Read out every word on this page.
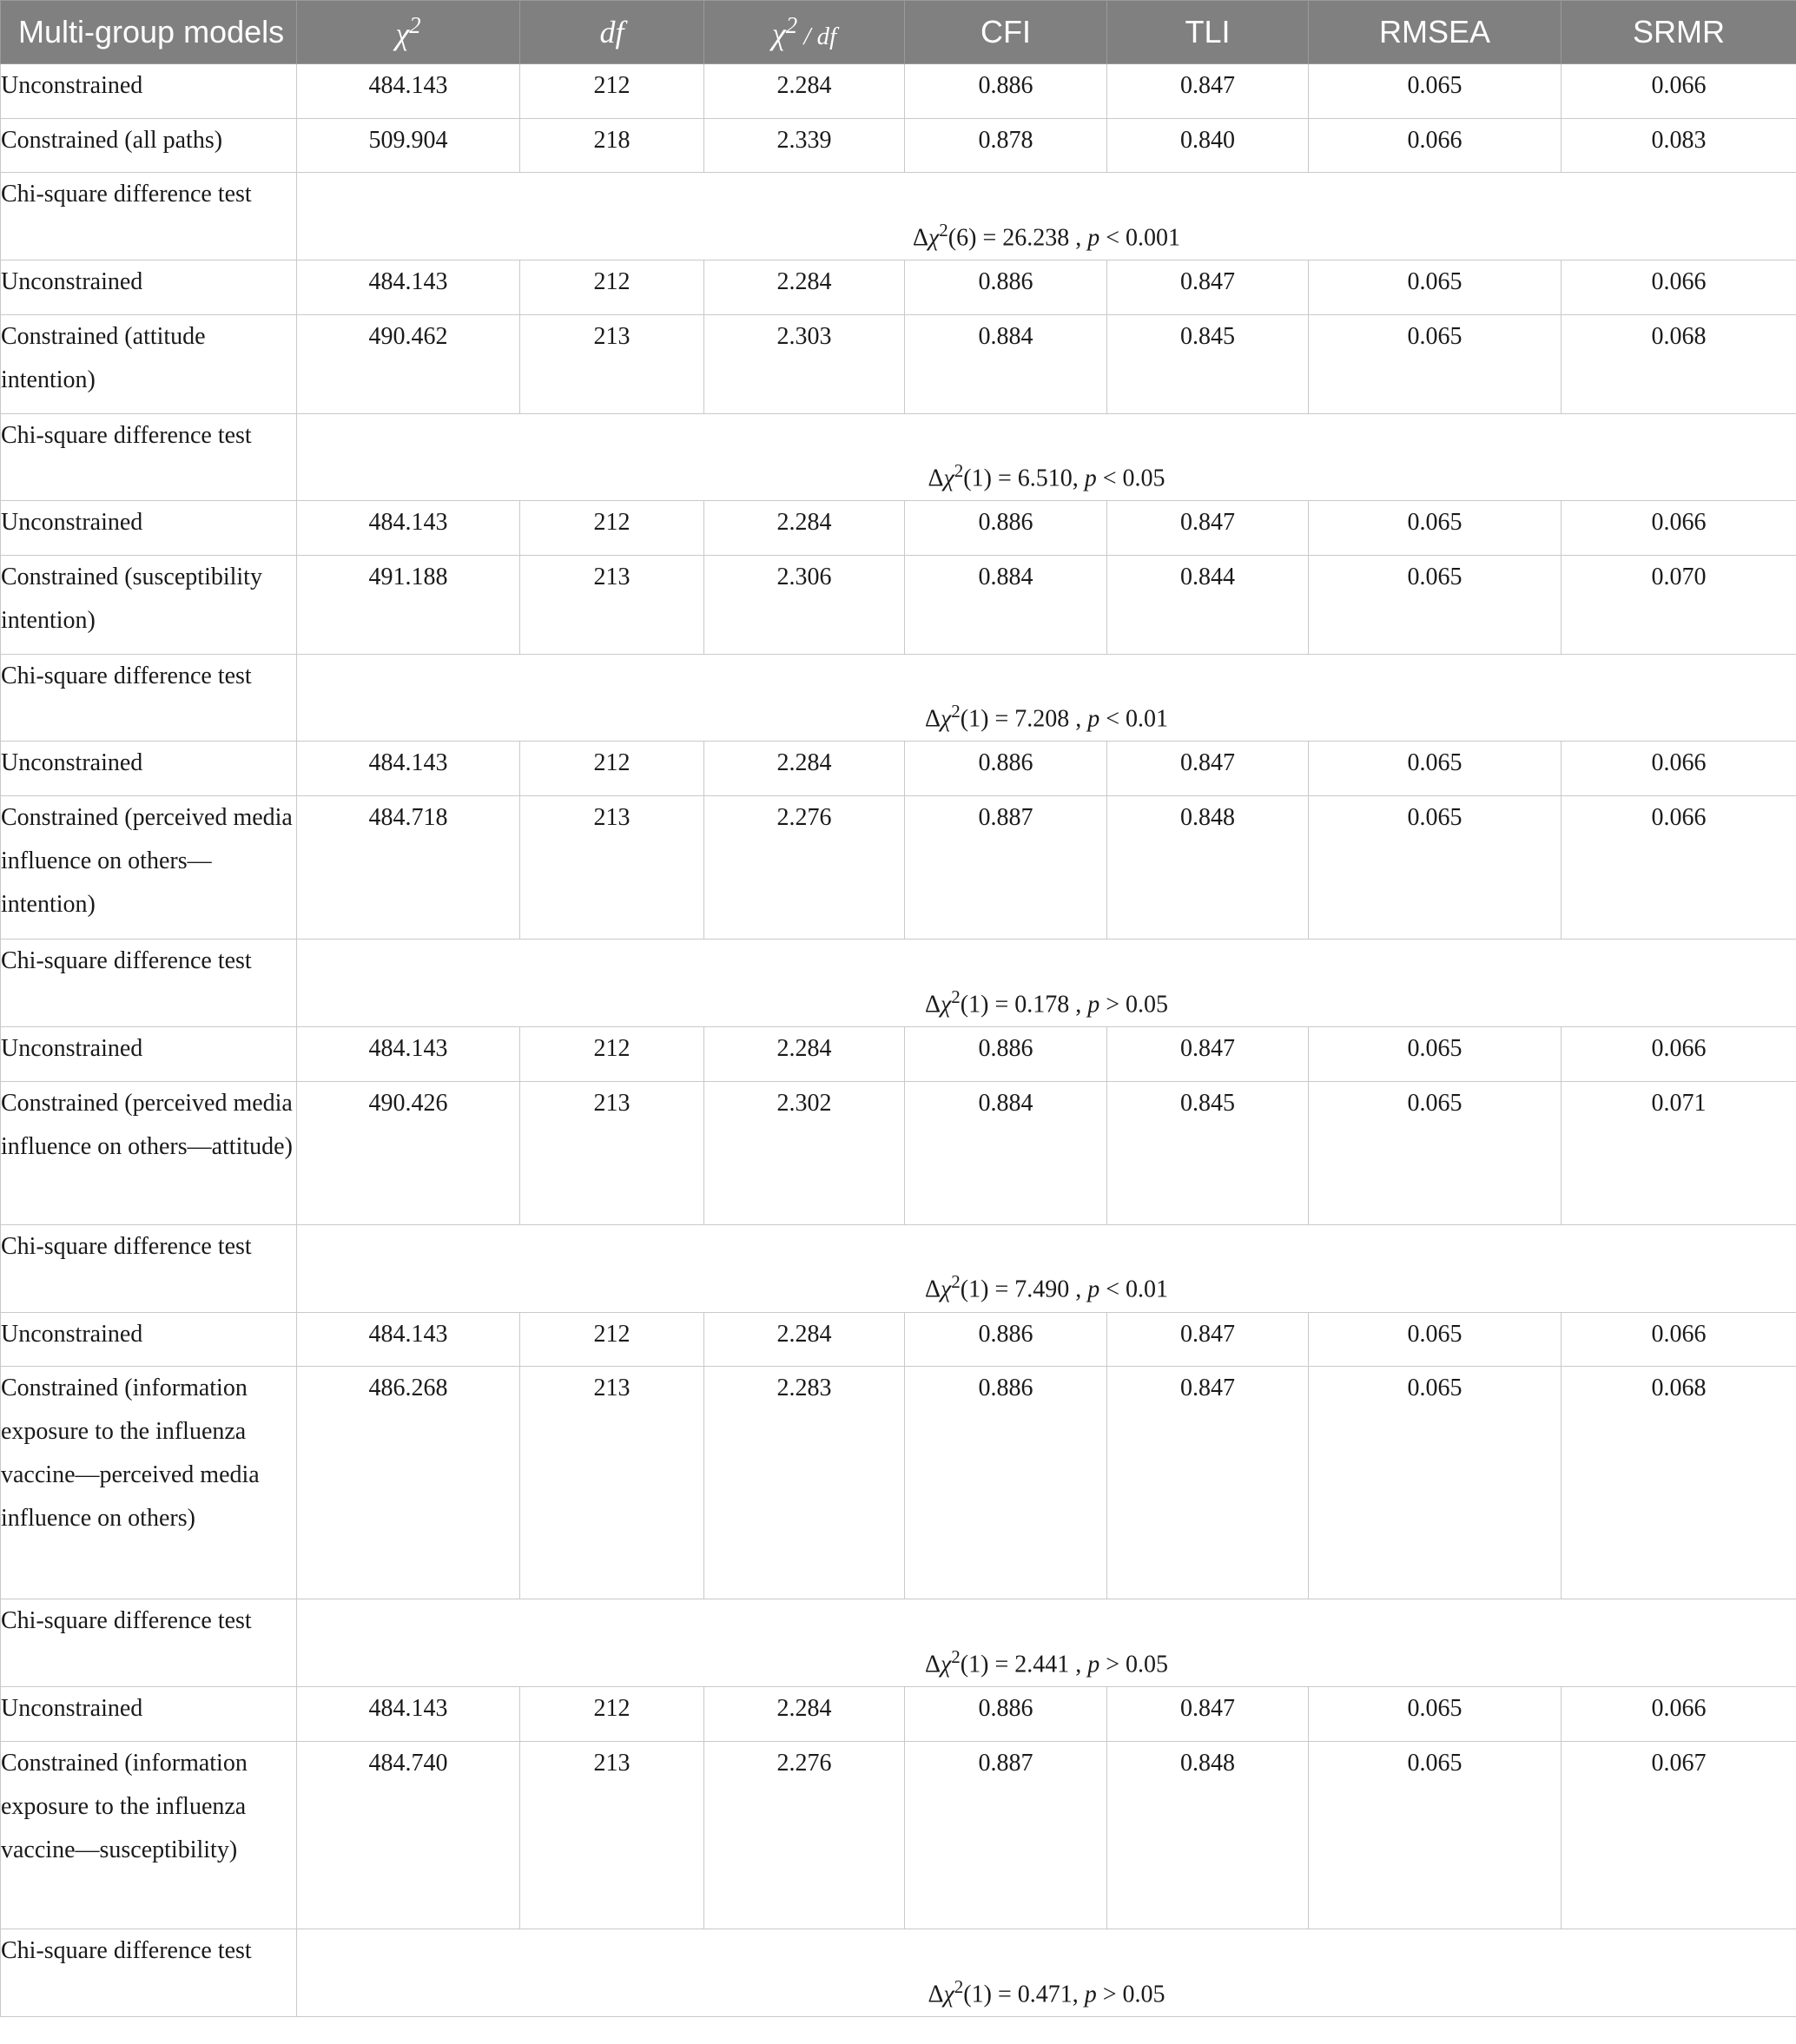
Multi-group models	$\chi^2$	df	$\chi^2$ / df	CFI	TLI	RMSEA	SRMR
Unconstrained	484.143	212	2.284	0.886	0.847	0.065	0.066
Constrained (all paths)	509.904	218	2.339	0.878	0.840	0.066	0.083
Chi-square difference test	$\Delta\chi^2(6) = 26.238$ , p < 0.001						
Unconstrained	484.143	212	2.284	0.886	0.847	0.065	0.066
Constrained (attitude intention)	490.462	213	2.303	0.884	0.845	0.065	0.068
Chi-square difference test	$\Delta\chi^2(1) = 6.510$, p < 0.05						
Unconstrained	484.143	212	2.284	0.886	0.847	0.065	0.066
Constrained (susceptibility intention)	491.188	213	2.306	0.884	0.844	0.065	0.070
Chi-square difference test	$\Delta\chi^2(1) = 7.208$ , p < 0.01						
Unconstrained	484.143	212	2.284	0.886	0.847	0.065	0.066
Constrained (perceived media influence on others—intention)	484.718	213	2.276	0.887	0.848	0.065	0.066
Chi-square difference test	$\Delta\chi^2(1) = 0.178$ , p > 0.05						
Unconstrained	484.143	212	2.284	0.886	0.847	0.065	0.066
Constrained (perceived media influence on others—attitude)	490.426	213	2.302	0.884	0.845	0.065	0.071
Chi-square difference test	$\Delta\chi^2(1) = 7.490$ , p < 0.01						
Unconstrained	484.143	212	2.284	0.886	0.847	0.065	0.066
Constrained (information exposure to the influenza vaccine—perceived media influence on others)	486.268	213	2.283	0.886	0.847	0.065	0.068
Chi-square difference test	$\Delta\chi^2(1) = 2.441$ , p > 0.05						
Unconstrained	484.143	212	2.284	0.886	0.847	0.065	0.066
Constrained (information exposure to the influenza vaccine—susceptibility)	484.740	213	2.276	0.887	0.848	0.065	0.067
Chi-square difference test	$\Delta\chi^2(1) = 0.471$, p > 0.05						
